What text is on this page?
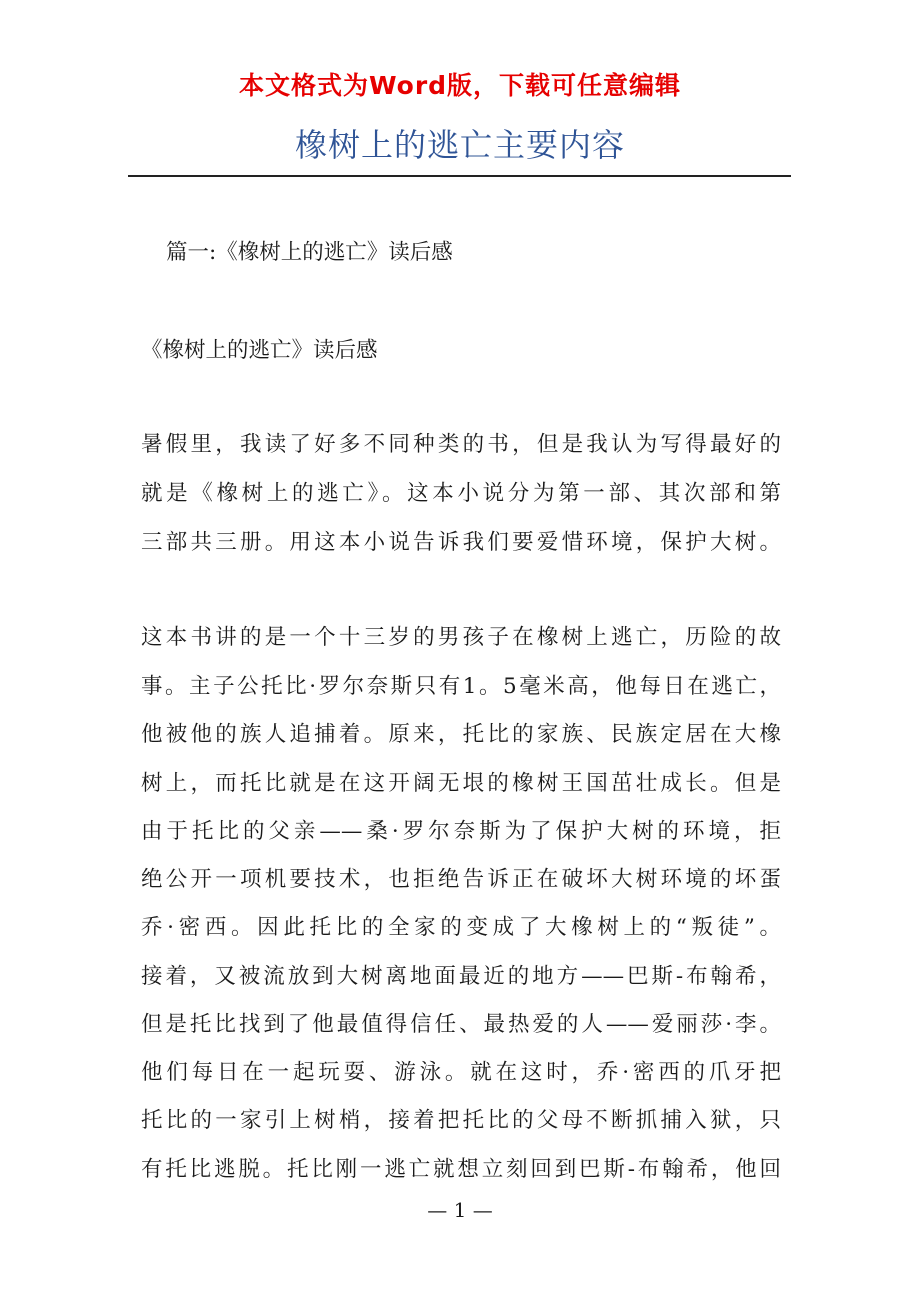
本文格式为Word版，下载可任意编辑
橡树上的逃亡主要内容
篇一:《橡树上的逃亡》读后感
《橡树上的逃亡》读后感
暑假里，我读了好多不同种类的书，但是我认为写得最好的
就是《橡树上的逃亡》。这本小说分为第一部、其次部和第
三部共三册。用这本小说告诉我们要爱惜环境，保护大树。
这本书讲的是一个十三岁的男孩子在橡树上逃亡，历险的故
事。主子公托比·罗尔奈斯只有1。5毫米高，他每日在逃亡，
他被他的族人追捕着。原来，托比的家族、民族定居在大橡
树上，而托比就是在这开阔无垠的橡树王国茁壮成长。但是
由于托比的父亲——桑·罗尔奈斯为了保护大树的环境，拒
绝公开一项机要技术，也拒绝告诉正在破坏大树环境的坏蛋
乔·密西。因此托比的全家的变成了大橡树上的“叛徒”。
接着，又被流放到大树离地面最近的地方——巴斯-布翰希，
但是托比找到了他最值得信任、最热爱的人——爱丽莎·李。
他们每日在一起玩耍、游泳。就在这时，乔·密西的爪牙把
托比的一家引上树梢，接着把托比的父母不断抓捕入狱，只
有托比逃脱。托比刚一逃亡就想立刻回到巴斯-布翰希，他回
— 1 —
